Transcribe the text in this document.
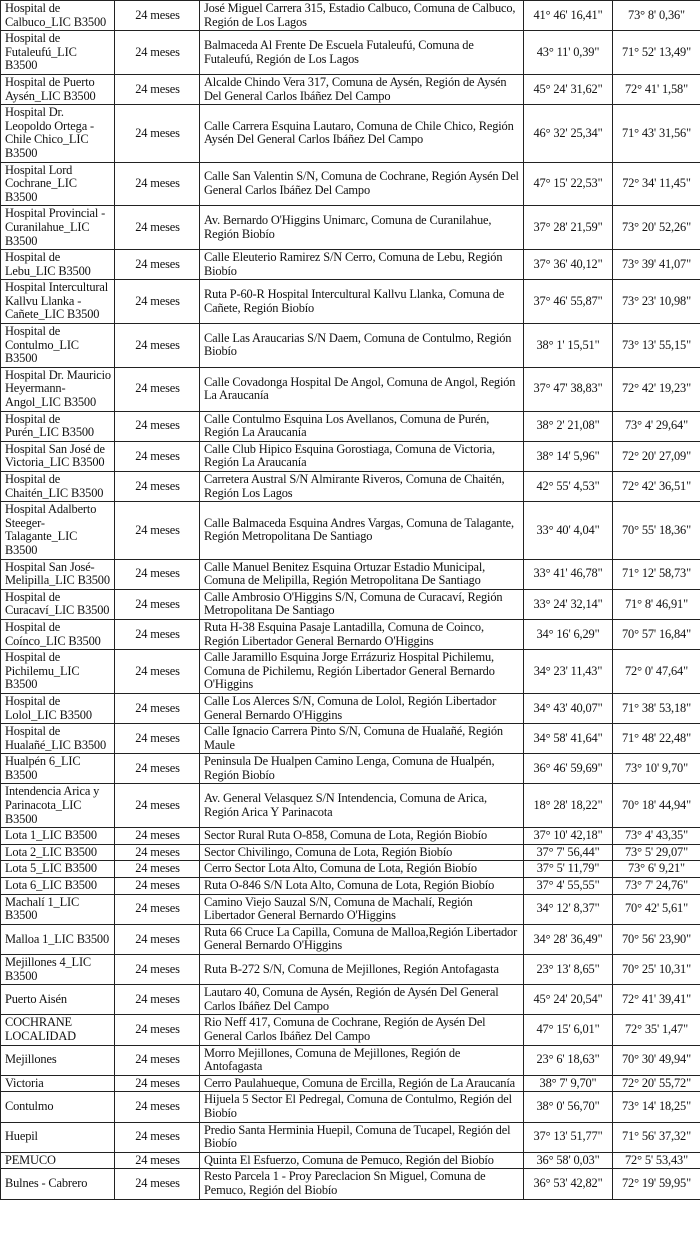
Hospital de Calbuco_LIC B3500	24 meses	José Miguel Carrera 315, Estadio Calbuco, Comuna de Calbuco, Región de Los Lagos	41° 46' 16,41"	73° 8' 0,36"
Hospital de Futaleufú_LIC B3500	24 meses	Balmaceda Al Frente De Escuela Futaleufú, Comuna de Futaleufú, Región de Los Lagos	43° 11' 0,39"	71° 52' 13,49"
Hospital de Puerto Aysén_LIC B3500	24 meses	Alcalde Chindo Vera 317, Comuna de Aysén, Región de Aysén Del General Carlos Ibáñez Del Campo	45° 24' 31,62"	72° 41' 1,58"
Hospital Dr. Leopoldo Ortega - Chile Chico_LIC B3500	24 meses	Calle Carrera Esquina Lautaro, Comuna de Chile Chico, Región Aysén Del General Carlos Ibáñez Del Campo	46° 32' 25,34"	71° 43' 31,56"
Hospital Lord Cochrane_LIC B3500	24 meses	Calle San Valentin S/N, Comuna de Cochrane, Región Aysén Del General Carlos Ibáñez Del Campo	47° 15' 22,53"	72° 34' 11,45"
Hospital Provincial - Curanilahue_LIC B3500	24 meses	Av. Bernardo O'Higgins Unimarc, Comuna de Curanilahue, Región Biobío	37° 28' 21,59"	73° 20' 52,26"
Hospital de Lebu_LIC B3500	24 meses	Calle Eleuterio Ramirez S/N Cerro, Comuna de Lebu, Región Biobío	37° 36' 40,12"	73° 39' 41,07"
Hospital Intercultural Kallvu Llanka - Cañete_LIC B3500	24 meses	Ruta P-60-R Hospital Intercultural Kallvu Llanka, Comuna de Cañete, Región Biobío	37° 46' 55,87"	73° 23' 10,98"
Hospital de Contulmo_LIC B3500	24 meses	Calle Las Araucarias S/N Daem, Comuna de Contulmo, Región Biobío	38° 1' 15,51"	73° 13' 55,15"
Hospital Dr. Mauricio Heyermann-Angol_LIC B3500	24 meses	Calle Covadonga Hospital De Angol, Comuna de Angol, Región La Araucanía	37° 47' 38,83"	72° 42' 19,23"
Hospital de Purén_LIC B3500	24 meses	Calle Contulmo Esquina Los Avellanos, Comuna de Purén, Región La Araucanía	38° 2' 21,08"	73° 4' 29,64"
Hospital San José de Victoria_LIC B3500	24 meses	Calle Club Hipico Esquina Gorostiaga, Comuna de Victoria, Región La Araucanía	38° 14' 5,96"	72° 20' 27,09"
Hospital de Chaitén_LIC B3500	24 meses	Carretera Austral S/N Almirante Riveros, Comuna de Chaitén, Región Los Lagos	42° 55' 4,53"	72° 42' 36,51"
Hospital Adalberto Steeger-Talagante_LIC B3500	24 meses	Calle Balmaceda Esquina Andres Vargas, Comuna de Talagante, Región Metropolitana De Santiago	33° 40' 4,04"	70° 55' 18,36"
Hospital San José-Melipilla_LIC B3500	24 meses	Calle Manuel Benitez Esquina Ortuzar Estadio Municipal, Comuna de Melipilla, Región Metropolitana De Santiago	33° 41' 46,78"	71° 12' 58,73"
Hospital de Curacaví_LIC B3500	24 meses	Calle Ambrosio O'Higgins S/N, Comuna de Curacaví, Región Metropolitana De Santiago	33° 24' 32,14"	71° 8' 46,91"
Hospital de Coínco_LIC B3500	24 meses	Ruta H-38 Esquina Pasaje Lantadilla, Comuna de Coinco, Región Libertador General Bernardo O'Higgins	34° 16' 6,29"	70° 57' 16,84"
Hospital de Pichilemu_LIC B3500	24 meses	Calle Jaramillo Esquina Jorge Errázuriz Hospital Pichilemu, Comuna de Pichilemu, Región Libertador General Bernardo O'Higgins	34° 23' 11,43"	72° 0' 47,64"
Hospital de Lolol_LIC B3500	24 meses	Calle Los Alerces S/N, Comuna de Lolol, Región Libertador General Bernardo O'Higgins	34° 43' 40,07"	71° 38' 53,18"
Hospital de Hualañé_LIC B3500	24 meses	Calle Ignacio Carrera Pinto S/N, Comuna de Hualañé, Región Maule	34° 58' 41,64"	71° 48' 22,48"
Hualpén 6_LIC B3500	24 meses	Peninsula De Hualpen Camino Lenga, Comuna de Hualpén, Región Biobío	36° 46' 59,69"	73° 10' 9,70"
Intendencia Arica y Parinacota_LIC B3500	24 meses	Av. General Velasquez S/N Intendencia, Comuna de Arica, Región Arica Y Parinacota	18° 28' 18,22"	70° 18' 44,94"
Lota 1_LIC B3500	24 meses	Sector Rural Ruta O-858, Comuna de Lota, Región Biobío	37° 10' 42,18"	73° 4' 43,35"
Lota 2_LIC B3500	24 meses	Sector Chivilingo, Comuna de Lota, Región Biobío	37° 7' 56,44"	73° 5' 29,07"
Lota 5_LIC B3500	24 meses	Cerro Sector Lota Alto, Comuna de Lota, Región Biobío	37° 5' 11,79"	73° 6' 9,21"
Lota 6_LIC B3500	24 meses	Ruta O-846 S/N Lota Alto, Comuna de Lota, Región Biobío	37° 4' 55,55"	73° 7' 24,76"
Machalí 1_LIC B3500	24 meses	Camino Viejo Sauzal S/N, Comuna de Machalí, Región Libertador General Bernardo O'Higgins	34° 12' 8,37"	70° 42' 5,61"
Malloa 1_LIC B3500	24 meses	Ruta 66 Cruce La Capilla, Comuna de Malloa,Región Libertador General Bernardo O'Higgins	34° 28' 36,49"	70° 56' 23,90"
Mejillones 4_LIC B3500	24 meses	Ruta B-272 S/N, Comuna de Mejillones, Región Antofagasta	23° 13' 8,65"	70° 25' 10,31"
Puerto Aisén	24 meses	Lautaro 40, Comuna de Aysén, Región de Aysén Del General Carlos Ibáñez Del Campo	45° 24' 20,54"	72° 41' 39,41"
COCHRANE LOCALIDAD	24 meses	Rio Neff 417, Comuna de Cochrane, Región de Aysén Del General Carlos Ibáñez Del Campo	47° 15' 6,01"	72° 35' 1,47"
Mejillones	24 meses	Morro Mejillones, Comuna de Mejillones, Región de Antofagasta	23° 6' 18,63"	70° 30' 49,94"
Victoria	24 meses	Cerro Paulahueque, Comuna de Ercilla, Región de La Araucanía	38° 7' 9,70"	72° 20' 55,72"
Contulmo	24 meses	Hijuela 5 Sector El Pedregal, Comuna de Contulmo, Región del Biobío	38° 0' 56,70"	73° 14' 18,25"
Huepil	24 meses	Predio Santa Herminia Huepil, Comuna de Tucapel, Región del Biobío	37° 13' 51,77"	71° 56' 37,32"
PEMUCO	24 meses	Quinta El Esfuerzo, Comuna de Pemuco, Región del Biobío	36° 58' 0,03"	72° 5' 53,43"
Bulnes - Cabrero	24 meses	Resto Parcela 1 - Proy Pareclacion Sn Miguel, Comuna de Pemuco, Región del Biobío	36° 53' 42,82"	72° 19' 59,95"
